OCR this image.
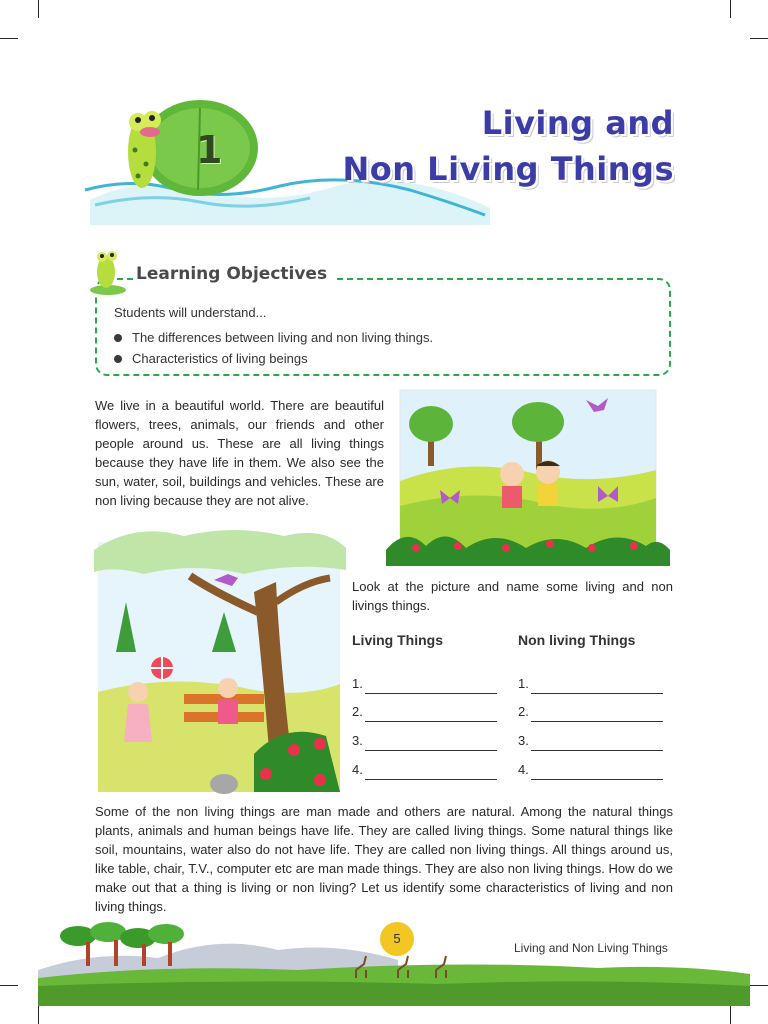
1
Living and
Non Living Things
Learning Objectives
Students will understand...
The differences between living and non living things.
Characteristics of living beings
We live in a beautiful world. There are beautiful flowers, trees, animals, our friends and other people around us. These are all living things because they have life in them. We also see the sun, water, soil, buildings and vehicles. These are non living because they are not alive.
Look at the picture and name some living and non livings things.
Living Things	Non living Things
1.
2.
3.
4.
1.
2.
3.
4.
Some of the non living things are man made and others are natural. Among the natural things plants, animals and human beings have life. They are called living things. Some natural things like soil, mountains, water also do not have life. They are called non living things. All things around us, like table, chair, T.V., computer etc are man made things. They are also non living things. How do we make out that a thing is living or non living? Let us identify some characteristics of living and non living things.
5
Living and Non Living Things
